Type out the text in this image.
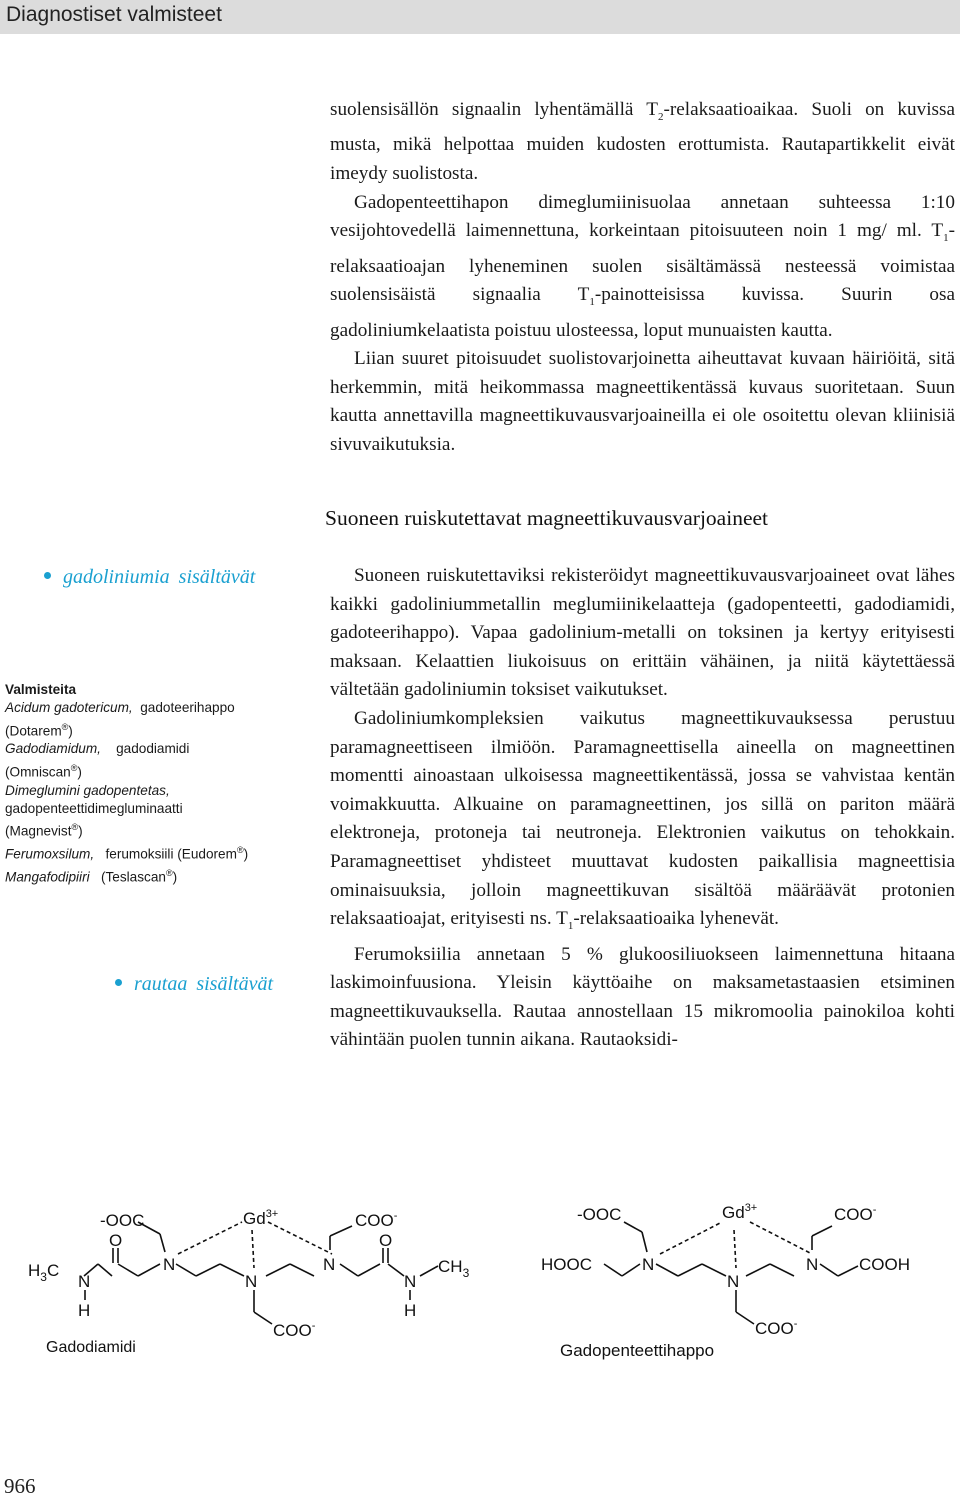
Diagnostiset valmisteet

suolensisällön signaalin lyhentämällä $T_2$-relaksaatioaikaa. Suoli on kuvissa musta, mikä helpottaa muiden kudosten erottumista. Rautapartikkelit eivät imeydy suolistosta.

Gadopenteettihapon dimeglumiinisuolaa annetaan suhteessa 1:10 vesijohtovedellä laimennettuna, korkeintaan pitoisuuteen noin 1 mg/ ml. $T_1$-relaksaatioajan lyheneminen suolen sisältämässä nesteessä voimistaa suolensisäistä signaalia $T_1$-painotteisissa kuvissa. Suurin osa gadoliniumkelaatista poistuu ulosteessa, loput munuaisten kautta.

Liian suuret pitoisuudet suolistovarjoinetta aiheuttavat kuvaan häiriöitä, sitä herkemmin, mitä heikommassa magneettikentässä kuvaus suoritetaan. Suun kautta annettavilla magneettikuvausvarjoaineilla ei ole osoitettu olevan kliinisiä sivuvaikutuksia.

Suoneen ruiskutettavat magneettikuvausvarjoaineet
gadoliniumia sisältävät
Valmisteita
Acidum gadotericum, gadoteerihappo
(Dotarem®)
Gadodiamidum, gadodiamidi
(Omniscan®)
Dimeglumini gadopentetas,
gadopenteettidimegluminaatti
(Magnevist®)
Ferumoxsilum, ferumoksiili (Eudorem®)
Mangafodipiiri (Teslascan®)
rautaa sisältävät

Suoneen ruiskutettaviksi rekisteröidyt magneettikuvausvarjoaineet ovat lähes kaikki gadoliniummetallin meglumiinikelaatteja (gadopenteetti, gadodiamidi, gadoteerihappo). Vapaa gadolinium-metalli on toksinen ja kertyy erityisesti maksaan. Kelaattien liukoisuus on erittäin vähäinen, ja niitä käytettäessä vältetään gadoliniumin toksiset vaikutukset.

Gadoliniumkompleksien vaikutus magneettikuvauksessa perustuu paramagneettiseen ilmiöön. Paramagneettisella aineella on magneettinen momentti ainoastaan ulkoisessa magneettikentässä, jossa se vahvistaa kentän voimakkuutta. Alkuaine on paramagneettinen, jos sillä on pariton määrä elektroneja, protoneja tai neutroneja. Elektronien vaikutus on tehokkain. Paramagneettiset yhdisteet muuttavat kudosten paikallisia magneettisia ominaisuuksia, jolloin magneettikuvan sisältöä määräävät protonien relaksaatioajat, erityisesti ns. $T_1$-relaksaatioaika lyhenevät.

Ferumoksiilia annetaan 5 % glukoosiliuokseen laimennettuna hitaana laskimoinfuusiona. Yleisin käyttöaihe on maksametastaasien etsiminen magneettikuvauksella. Rautaa annostellaan 15 mikromoolia painokiloa kohti vähintään puolen tunnin aikana. Rautaoksidi-

-OOC	$Gd^{3+}$	COO-
O	O
$H_3C$
N
N
N
N
N
$CH_3$
H	H
COO-
Gadodiamidi
-OOC	$Gd^{3+}$	COO-
HOOC	N
N
N COOH
COO-
Gadopenteettihappo
966
